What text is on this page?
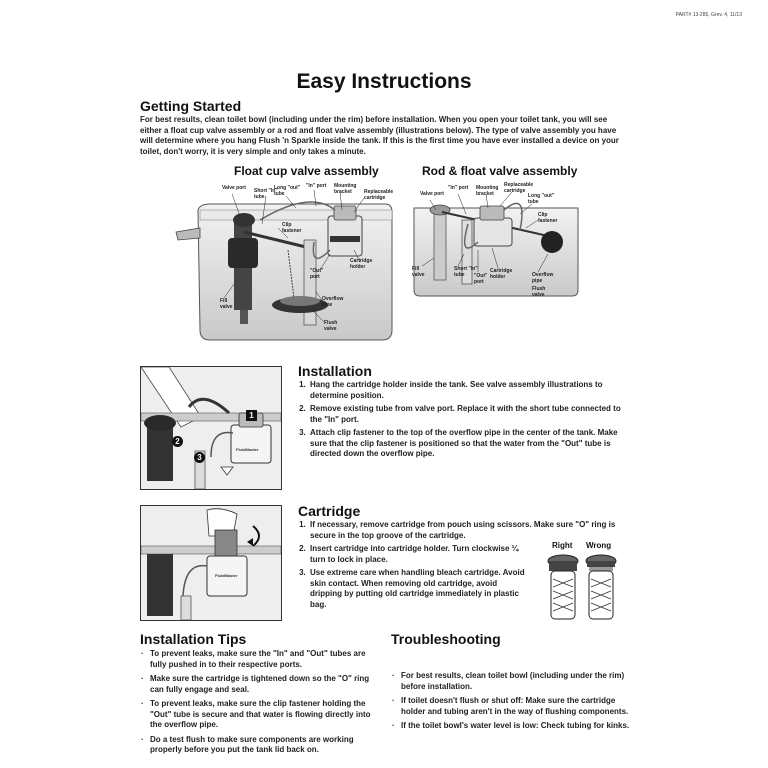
PART# 13-285, Grev. 4, 11/13
Easy Instructions
Getting Started
For best results, clean toilet bowl (including under the rim) before installation. When you open your toilet tank, you will see either a float cup valve assembly or a rod and float valve assembly (illustrations below). The type of valve assembly you have will determine where you hang Flush 'n Sparkle inside the tank. If this is the first time you have ever installed a device on your toilet, don't worry, it is very simple and only takes a minute.
Float cup valve assembly
Valve port Short "In" tube
Long "out" tube
"In" port Mounting bracket	Replaceable cartridge
Clip fastener
Cartridge holder
"Out" port
Overflow pipe
Fill valve
Flush valve
Rod & float valve assembly
Valve port
"In" port Mounting bracket
Replaceable cartridge
Long "out" tube
Clip fastener
Fill valve
Short "In" tube	"Out" port
Cartridge holder	Overflow pipe
Flush valve
1
2
3
FluidMaster
Installation
1. Hang the cartridge holder inside the tank. See valve assembly illustrations to determine position.
2. Remove existing tube from valve port. Replace it with the short tube connected to the "In" port.
3. Attach clip fastener to the top of the overflow pipe in the center of the tank. Make sure that the clip fastener is positioned so that the water from the "Out" tube is directed down the overflow pipe.
FluidMaster
Cartridge
1. If necessary, remove cartridge from pouch using scissors. Make sure "O" ring is secure in the top groove of the cartridge.
2. Insert cartridge into cartridge holder. Turn clockwise ¼ turn to lock in place.
3. Use extreme care when handling bleach cartridge. Avoid skin contact. When removing old cartridge, avoid dripping by putting old cartridge immediately in plastic bag.
Right Wrong
Installation Tips
· To prevent leaks, make sure the "In" and "Out" tubes are fully pushed in to their respective ports.
· Make sure the cartridge is tightened down so the "O" ring can fully engage and seal.
· To prevent leaks, make sure the clip fastener holding the "Out" tube is secure and that water is flowing directly into the overflow pipe.
· Do a test flush to make sure components are working properly before you put the tank lid back on.
Troubleshooting
· For best results, clean toilet bowl (including under the rim) before installation.
· If toilet doesn't flush or shut off: Make sure the cartridge holder and tubing aren't in the way of flushing components.
· If the toilet bowl's water level is low: Check tubing for kinks.
